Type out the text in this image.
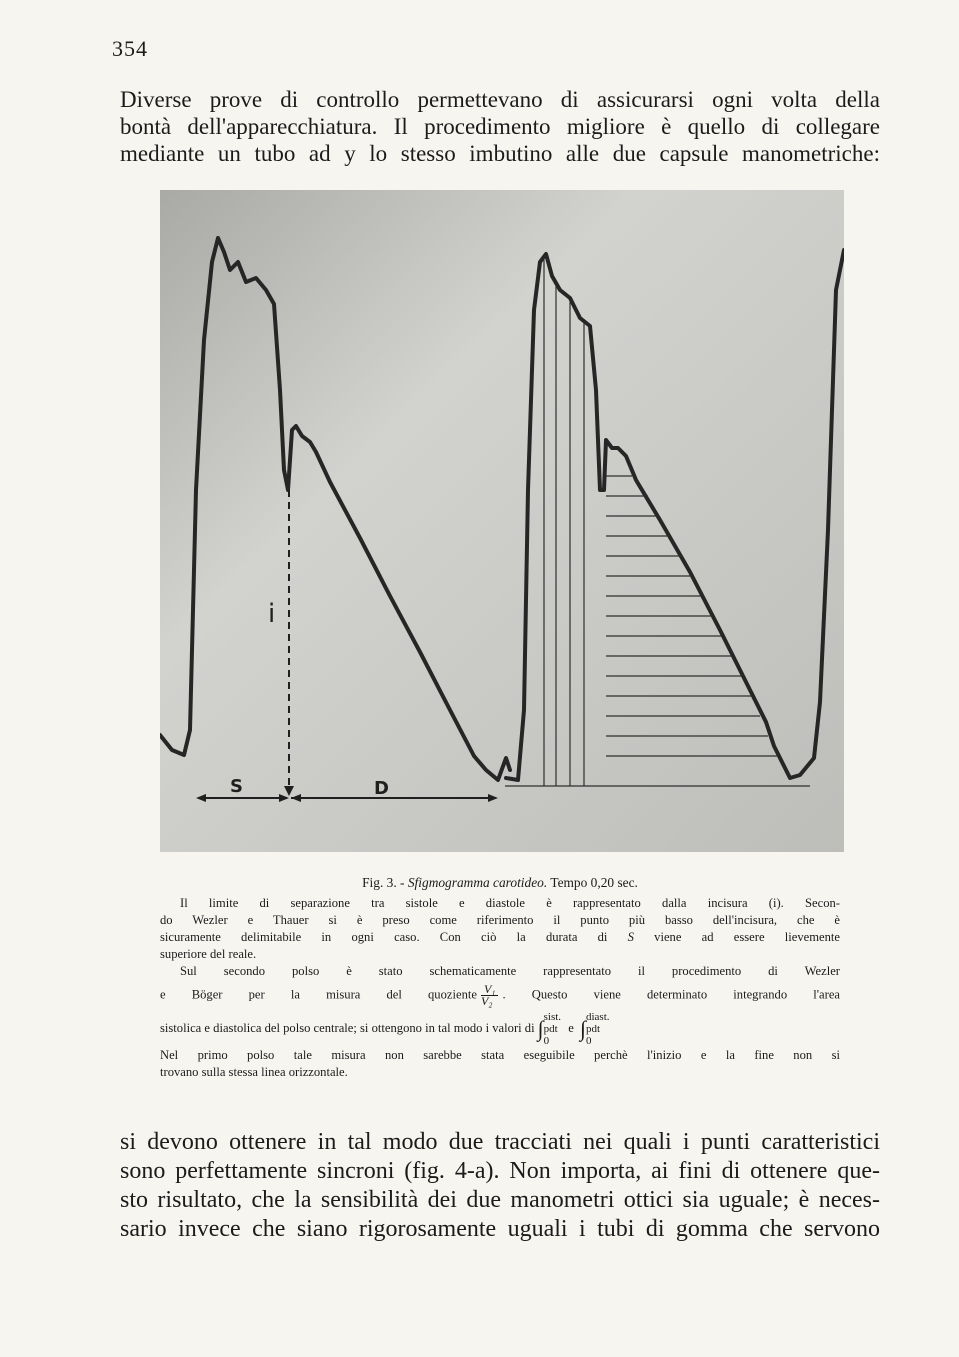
354
Diverse prove di controllo permettevano di assicurarsi ogni volta della
bontà dell'apparecchiatura. Il procedimento migliore è quello di collegare
mediante un tubo ad y lo stesso imbutino alle due capsule manometriche:
i
S	D
Fig. 3. - Sfigmogramma carotideo. Tempo 0,20 sec.
Il limite di separazione tra sistole e diastole è rappresentato dalla incisura (i). Secon-
do Wezler e Thauer si è preso come riferimento il punto più basso dell'incisura, che è
sicuramente delimitabile in ogni caso. Con ciò la durata di S viene ad essere lievemente
superiore del reale.
Sul secondo polso è stato schematicamente rappresentato il procedimento di Wezler
e Böger per la misura del quoziente $\frac{\text{V₁}}{\text{V₂}}$ . Questo viene determinato integrando l'area
sistolica e diastolica del polso centrale; si ottengono in tal modo i valori di ∫ sist.
pdt
0
e ∫ diast.
pdt
0
Nel primo polso tale misura non sarebbe stata eseguibile perchè l'inizio e la fine non si
trovano sulla stessa linea orizzontale.
si devono ottenere in tal modo due tracciati nei quali i punti caratteristici
sono perfettamente sincroni (fig. 4-a). Non importa, ai fini di ottenere que-
sto risultato, che la sensibilità dei due manometri ottici sia uguale; è neces-
sario invece che siano rigorosamente uguali i tubi di gomma che servono
